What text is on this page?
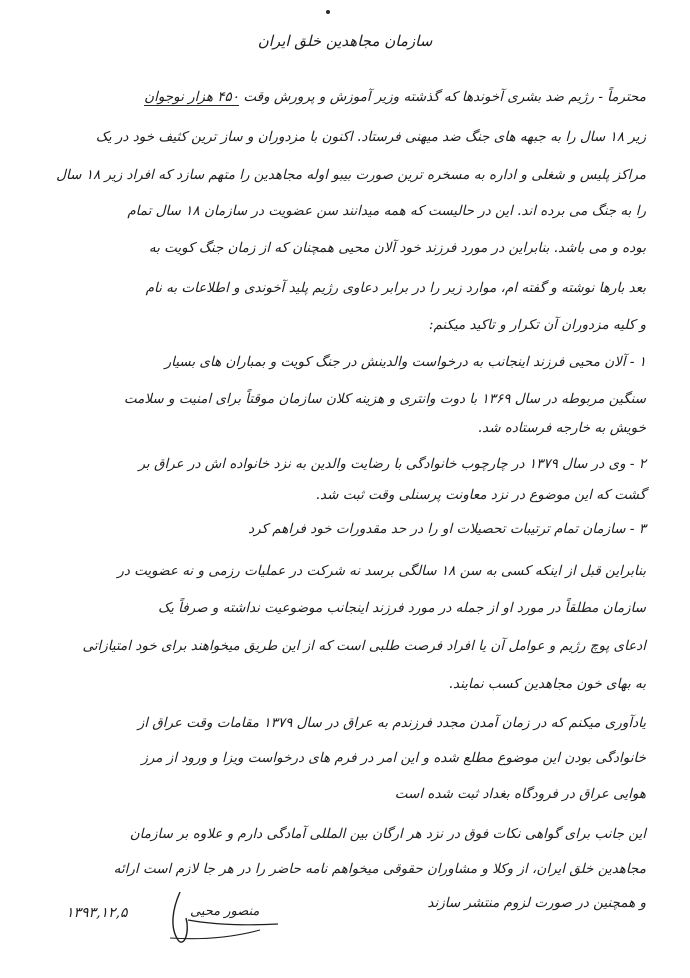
سازمان مجاهدین خلق ایران
محترماً - رژیم ضد بشری آخوندها که گذشته وزیر آموزش و پرورش وقت ۴۵۰ هزار نوجوان
زیر ۱۸ سال را به جبهه های جنگ ضد میهنی فرستاد. اکنون با مزدوران و ساز ترین کثیف خود در یک
مراکز پلیس و شغلی و اداره به مسخره ترین صورت بیبو اوله مجاهدین را متهم سازد که افراد زیر ۱۸ سال
را به جنگ می برده اند. این در حالیست که همه میدانند سن عضویت در سازمان ۱۸ سال تمام
بوده و می باشد. بنابراین در مورد فرزند خود آلان محیی همچنان که از زمان جنگ کویت به
بعد بارها نوشته و گفته ام، موارد زیر را در برابر دعاوی رژیم پلید آخوندی و اطلاعات به نام
و کلیه مزدوران آن تکرار و تاکید میکنم:
۱ - آلان محیی فرزند اینجانب به درخواست والدینش در جنگ کویت و بمباران های بسیار
سنگین مربوطه در سال ۱۳۶۹ با دوت وانتری و هزینه کلان سازمان موقتاً برای امنیت و سلامت
خویش به خارجه فرستاده شد.
۲ - وی در سال ۱۳۷۹ در چارچوب خانوادگی با رضایت والدین به نزد خانواده اش در عراق بر
گشت که این موضوع در نزد معاونت پرسنلی وقت ثبت شد.
۳ - سازمان تمام ترتیبات تحصیلات او را در حد مقدورات خود فراهم کرد
بنابراین قبل از اینکه کسی به سن ۱۸ سالگی برسد نه شرکت در عملیات رزمی و نه عضویت در
سازمان مطلقاً در مورد او از جمله در مورد فرزند اینجانب موضوعیت نداشته و صرفاً یک
ادعای پوچ رژیم و عوامل آن یا افراد فرصت طلبی است که از این طریق میخواهند برای خود امتیازاتی
به بهای خون مجاهدین کسب نمایند.
یادآوری میکنم که در زمان آمدن مجدد فرزندم به عراق در سال ۱۳۷۹ مقامات وقت عراق از
خانوادگی بودن این موضوع مطلع شده و این امر در فرم های درخواست ویزا و ورود از مرز
هوایی عراق در فرودگاه بغداد ثبت شده است
این جانب برای گواهی نکات فوق در نزد هر ارگان بین المللی آمادگی دارم و علاوه بر سازمان
مجاهدین خلق ایران، از وکلا و مشاوران حقوقی میخواهم نامه حاضر را در هر جا لازم است ارائه
و همچنین در صورت لزوم منتشر سازند
منصور محیی
۱۳۹۳,۱۲,۵
